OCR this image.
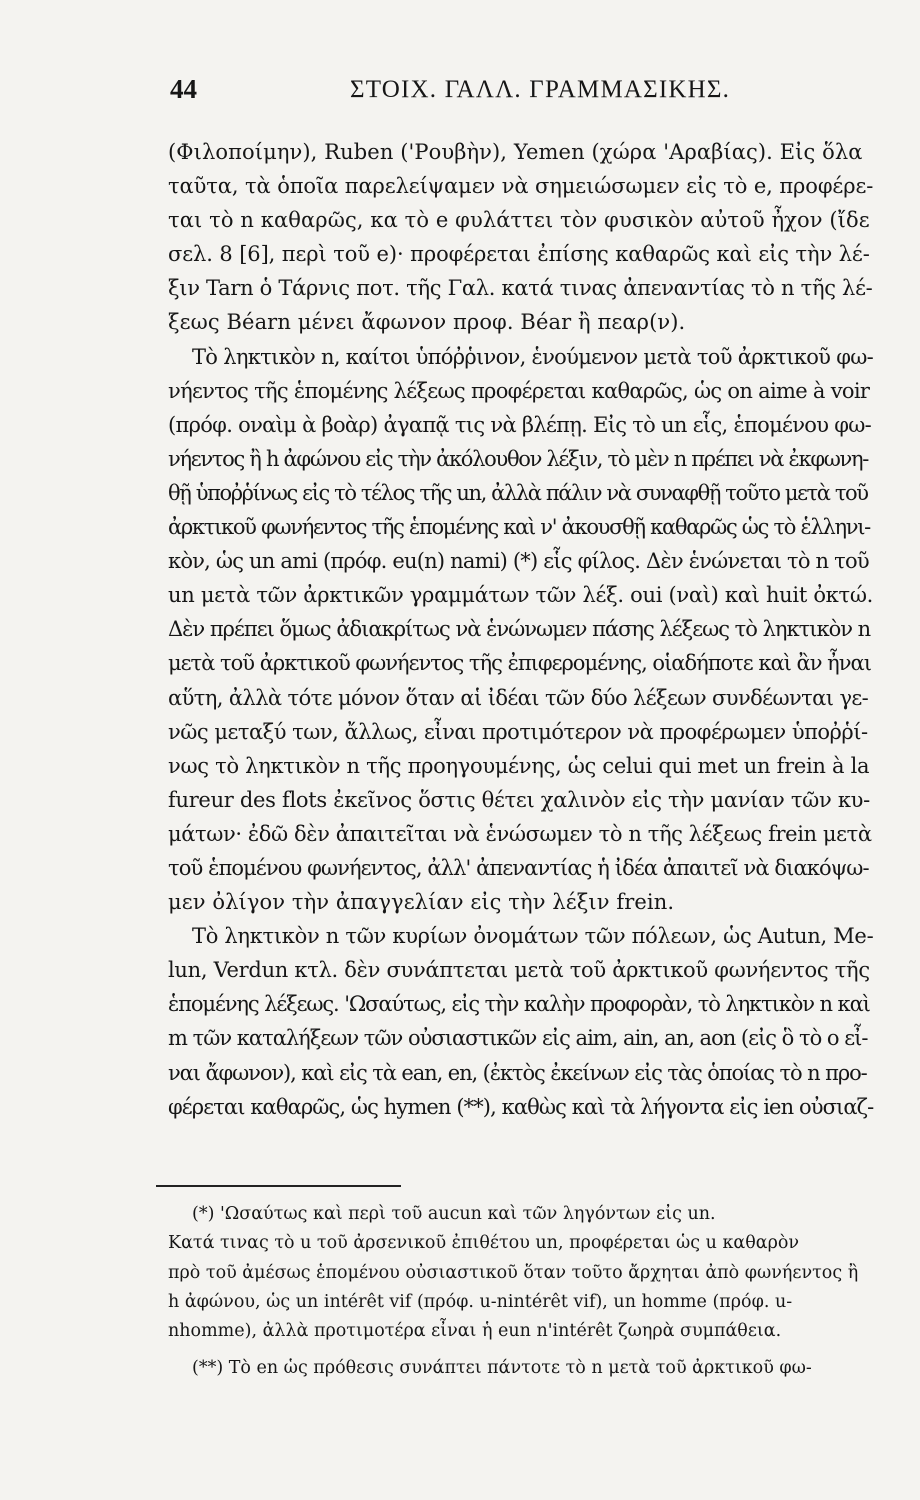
44	ΣΤΟΙΧ. ΓΑΛΛ. ΓΡΑΜΜΑΣΙΚΗΣ.
(Φιλοποίμην), Ruben ('Ρουβὴν), Yemen (χώρα 'Αραβίας). Εἰς ὅλα
ταῦτα, τὰ ὁποῖα παρελείψαμεν νὰ σημειώσωμεν εἰς τὸ e, προφέρε-
ται τὸ n καθαρῶς, κα τὸ e φυλάττει τὸν φυσικὸν αὐτοῦ ἦχον (ἴδε
σελ. 8 [6], περὶ τοῦ e)· προφέρεται ἐπίσης καθαρῶς καὶ εἰς τὴν λέ-
ξιν Tarn ὁ Τάρνις ποτ. τῆς Γαλ. κατά τινας ἀπεναντίας τὸ n τῆς λέ-
ξεως Béarn μένει ἄφωνον προφ. Béar ἢ πεαρ(ν).
Τὸ ληκτικὸν n, καίτοι ὑπόῤῥινον, ἑνούμενον μετὰ τοῦ ἀρκτικοῦ φω-
νήεντος τῆς ἑπομένης λέξεως προφέρεται καθαρῶς, ὡς on aime à voir
(πρόφ. οναὶμ ὰ βοὰρ) ἀγαπᾷ τις νὰ βλέπῃ. Εἰς τὸ un εἷς, ἑπομένου φω-
νήεντος ἢ h ἀφώνου εἰς τὴν ἀκόλουθον λέξιν, τὸ μὲν n πρέπει νὰ ἐκφωνη-
θῇ ὑποῤῥίνως εἰς τὸ τέλος τῆς un, ἀλλὰ πάλιν νὰ συναφθῇ τοῦτο μετὰ τοῦ
ἀρκτικοῦ φωνήεντος τῆς ἑπομένης καὶ ν' ἀκουσθῇ καθαρῶς ὡς τὸ ἑλληνι-
κὸν, ὡς un ami (πρόφ. eu(n) nami) (*) εἷς φίλος. Δὲν ἑνώνεται τὸ n τοῦ
un μετὰ τῶν ἀρκτικῶν γραμμάτων τῶν λέξ. oui (ναὶ) καὶ huit ὀκτώ.
Δὲν πρέπει ὅμως ἀδιακρίτως νὰ ἑνώνωμεν πάσης λέξεως τὸ ληκτικὸν n
μετὰ τοῦ ἀρκτικοῦ φωνήεντος τῆς ἐπιφερομένης, οἱαδήποτε καὶ ἂν ἦναι
αὕτη, ἀλλὰ τότε μόνον ὅταν αἱ ἰδέαι τῶν δύο λέξεων συνδέωνται γε-
νῶς μεταξύ των, ἄλλως, εἶναι προτιμότερον νὰ προφέρωμεν ὑποῤῥί-
νως τὸ ληκτικὸν n τῆς προηγουμένης, ὡς celui qui met un frein à la
fureur des flots ἐκεῖνος ὅστις θέτει χαλινὸν εἰς τὴν μανίαν τῶν κυ-
μάτων· ἐδῶ δὲν ἀπαιτεῖται νὰ ἑνώσωμεν τὸ n τῆς λέξεως frein μετὰ
τοῦ ἑπομένου φωνήεντος, ἀλλ' ἀπεναντίας ἡ ἰδέα ἀπαιτεῖ νὰ διακόψω-
μεν ὀλίγον τὴν ἀπαγγελίαν εἰς τὴν λέξιν frein.
Τὸ ληκτικὸν n τῶν κυρίων ὀνομάτων τῶν πόλεων, ὡς Autun, Me-
lun, Verdun κτλ. δὲν συνάπτεται μετὰ τοῦ ἀρκτικοῦ φωνήεντος τῆς
ἑπομένης λέξεως. 'Ωσαύτως, εἰς τὴν καλὴν προφορὰν, τὸ ληκτικὸν n καὶ
m τῶν καταλήξεων τῶν οὐσιαστικῶν εἰς aim, ain, an, aon (εἰς ὃ τὸ o εἶ-
ναι ἄφωνον), καὶ εἰς τὰ ean, en, (ἐκτὸς ἐκείνων εἰς τὰς ὁποίας τὸ n προ-
φέρεται καθαρῶς, ὡς hymen (**), καθὼς καὶ τὰ λήγοντα εἰς ien οὐσιαζ-
(*) 'Ωσαύτως καὶ περὶ τοῦ aucun καὶ τῶν ληγόντων εἰς un.
Κατά τινας τὸ u τοῦ ἀρσενικοῦ ἐπιθέτου un, προφέρεται ὡς u καθαρὸν
πρὸ τοῦ ἀμέσως ἑπομένου οὐσιαστικοῦ ὅταν τοῦτο ἄρχηται ἀπὸ φωνήεντος ἢ
h ἀφώνου, ὡς un intérêt vif (πρόφ. u-nintérêt vif), un homme (πρόφ. u-
nhomme), ἀλλὰ προτιμοτέρα εἶναι ἡ eun n'intérêt ζωηρὰ συμπάθεια.
(**) Τὸ en ὡς πρόθεσις συνάπτει πάντοτε τὸ n μετὰ τοῦ ἀρκτικοῦ φω-
